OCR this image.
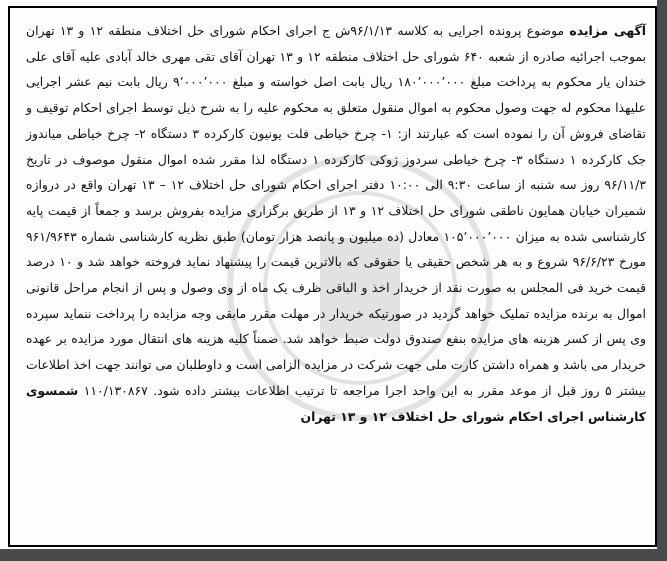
آگهی مزایده موضوع پرونده اجرایی به کلاسه ۹۶/۱/۱۳ش ج اجرای احکام شورای حل اختلاف منطقه ۱۲ و ۱۳ تهران بموجب اجرائیه صادره از شعبه ۶۴۰ شورای حل اختلاف منطقه ۱۲ و ۱۳ تهران آقای تقی مهری خالد آبادی علیه آقای علی خندان یار محکوم به پرداخت مبلغ ۱۸۰٬۰۰۰٬۰۰۰ ریال بابت اصل خواسته و مبلغ ۹٬۰۰۰٬۰۰۰ ریال بابت نیم عشر اجرایی علیهذا محکوم له جهت وصول محکوم به اموال منقول متعلق به محکوم علیه را به شرح ذیل توسط اجرای احکام توقیف و تقاضای فروش آن را نموده است که عبارتند از: ۱- چرخ خیاطی فلت یونیون کارکرده ۳ دستگاه ۲- چرخ خیاطی میاندوز جک کارکرده ۱ دستگاه ۳- چرخ خیاطی سردوز ژوکی کارکرده ۱ دستگاه لذا مقرر شده اموال منقول موصوف در تاریخ ۹۶/۱۱/۳ روز سه شنبه از ساعت ۹:۳۰ الی ۱۰:۰۰ دفتر اجرای احکام شورای حل اختلاف ۱۲ – ۱۳ تهران واقع در دروازه شمیران خیابان همایون ناطقی شورای حل اختلاف ۱۲ و ۱۳ از طریق برگزاری مزایده بفروش برسد و جمعاً از قیمت پایه کارشناسی شده به میزان ۱۰۵٬۰۰۰٬۰۰۰ معادل (ده میلیون و پانصد هزار تومان) طبق نظریه کارشناسی شماره ۹۶۱/۹۶۴۳ مورخ ۹۶/۶/۲۳ شروع و به هر شخص حقیقی یا حقوقی که بالاترین قیمت را پیشنهاد نماید فروخته خواهد شد و ۱۰ درصد قیمت خرید فی المجلس به صورت نقد از خریدار اخذ و الباقی ظرف یک ماه از وی وصول و پس از انجام مراحل قانونی اموال به برنده مزایده تملیک خواهد گردید در صورتیکه خریدار در مهلت مقرر مابقی وجه مزایده را پرداخت ننماید سپرده وی پس از کسر هزینه های مزایده بنفع صندوق دولت ضبط خواهد شد. ضمناً کلیه هزینه های انتقال مورد مزایده بر عهده خریدار می باشد و همراه داشتن کارت ملی جهت شرکت در مزایده الزامی است و داوطلبان می توانند جهت اخذ اطلاعات بیشتر ۵ روز قبل از موعد مقرر به این واحد اجرا مراجعه تا ترتیب اطلاعات بیشتر داده شود. ۱۱۰/۱۳۰۸۶۷ شمسوی کارشناس اجرای احکام شورای حل اختلاف ۱۲ و ۱۳ تهران
